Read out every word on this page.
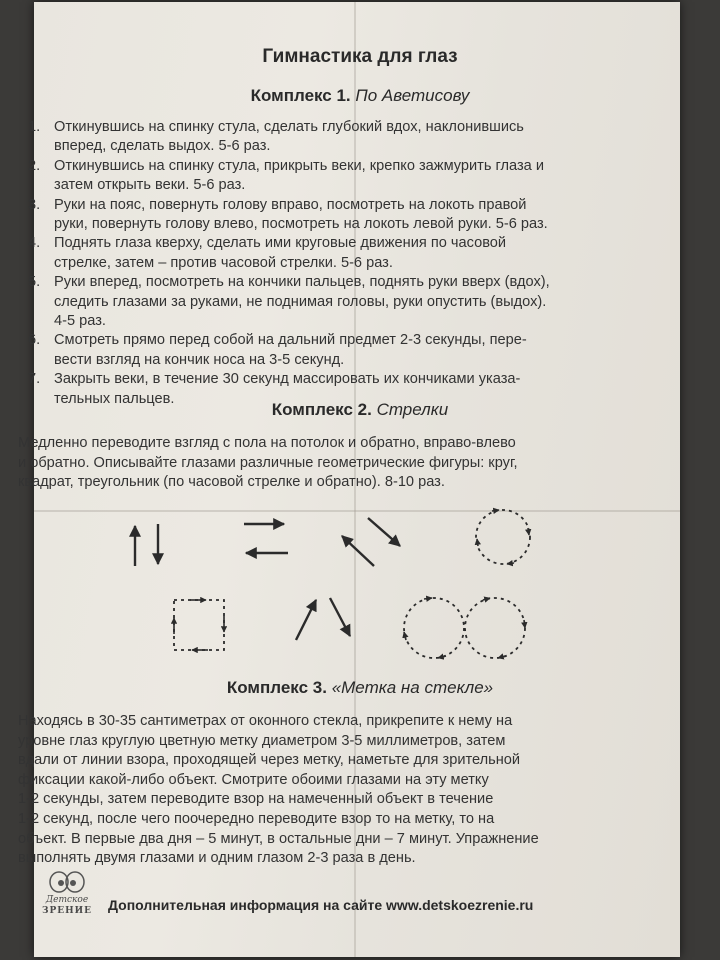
Гимнастика для глаз
Комплекс 1. По Аветисову
1. Откинувшись на спинку стула, сделать глубокий вдох, наклонившись
вперед, сделать выдох. 5-6 раз.
2. Откинувшись на спинку стула, прикрыть веки, крепко зажмурить глаза и
затем открыть веки. 5-6 раз.
3. Руки на пояс, повернуть голову вправо, посмотреть на локоть правой
руки, повернуть голову влево, посмотреть на локоть левой руки. 5-6 раз.
4. Поднять глаза кверху, сделать ими круговые движения по часовой
стрелке, затем – против часовой стрелки. 5-6 раз.
5. Руки вперед, посмотреть на кончики пальцев, поднять руки вверх (вдох),
следить глазами за руками, не поднимая головы, руки опустить (выдох).
4-5 раз.
6. Смотреть прямо перед собой на дальний предмет 2-3 секунды, пере-
вести взгляд на кончик носа на 3-5 секунд.
7. Закрыть веки, в течение 30 секунд массировать их кончиками указа-
тельных пальцев.
Комплекс 2. Стрелки
Медленно переводите взгляд с пола на потолок и обратно, вправо-влево
и обратно. Описывайте глазами различные геометрические фигуры: круг,
квадрат, треугольник (по часовой стрелке и обратно). 8-10 раз.
Комплекс 3. «Метка на стекле»
Находясь в 30-35 сантиметрах от оконного стекла, прикрепите к нему на
уровне глаз круглую цветную метку диаметром 3-5 миллиметров, затем
вдали от линии взора, проходящей через метку, наметьте для зрительной
фиксации какой-либо объект. Смотрите обоими глазами на эту метку
1-2 секунды, затем переводите взор на намеченный объект в течение
1-2 секунд, после чего поочередно переводите взор то на метку, то на
объект. В первые два дня – 5 минут, в остальные дни – 7 минут. Упражнение
выполнять двумя глазами и одним глазом 2-3 раза в день.
Детское
ЗРЕНИЕ Дополнительная информация на сайте www.detskoezrenie.ru
